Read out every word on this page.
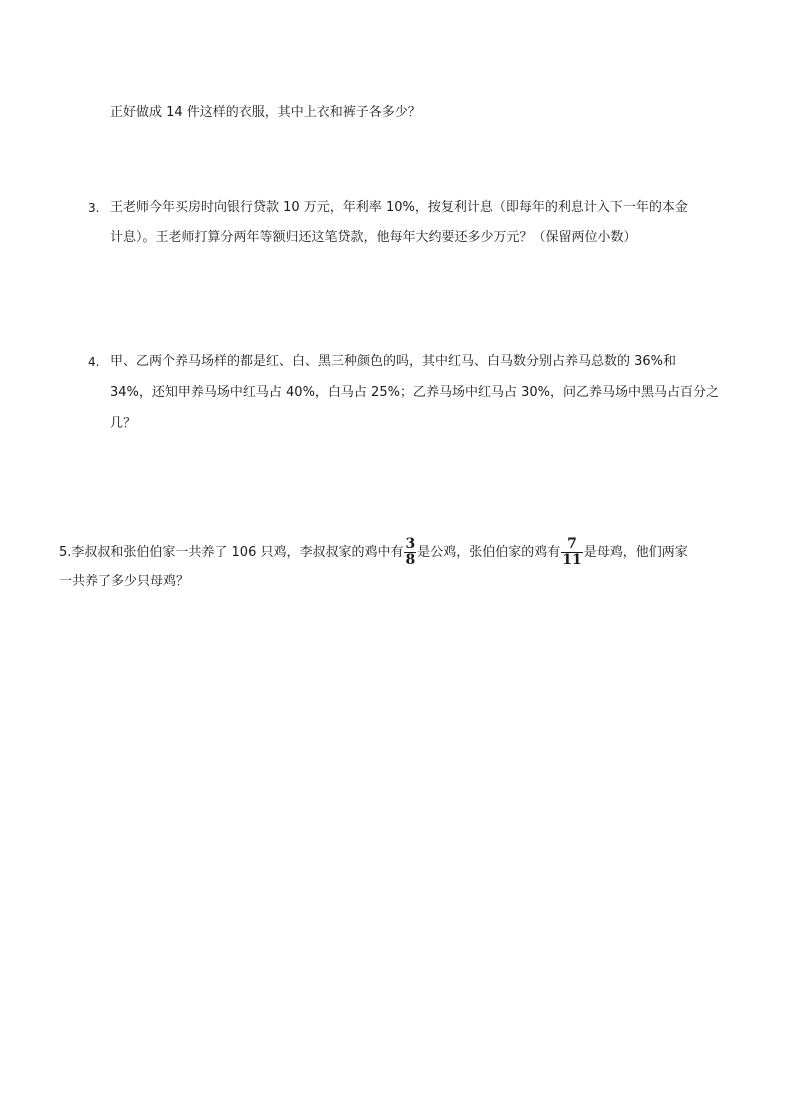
正好做成 14 件这样的衣服，其中上衣和裤子各多少？
3. 王老师今年买房时向银行贷款 10 万元，年利率 10%，按复利计息（即每年的利息计入下一年的本金
计息）。王老师打算分两年等额归还这笔贷款，他每年大约要还多少万元？（保留两位小数）
4. 甲、乙两个养马场样的都是红、白、黑三种颜色的吗，其中红马、白马数分别占养马总数的 36%和
34%，还知甲养马场中红马占 40%，白马占 25%；乙养马场中红马占 30%，问乙养马场中黑马占百分之
几？
5.李叔叔和张伯伯家一共养了 106 只鸡，李叔叔家的鸡中有 $\frac{3}{8}$ 是公鸡，张伯伯家的鸡有 $\frac{7}{11}$ 是母鸡，他们两家
一共养了多少只母鸡？
